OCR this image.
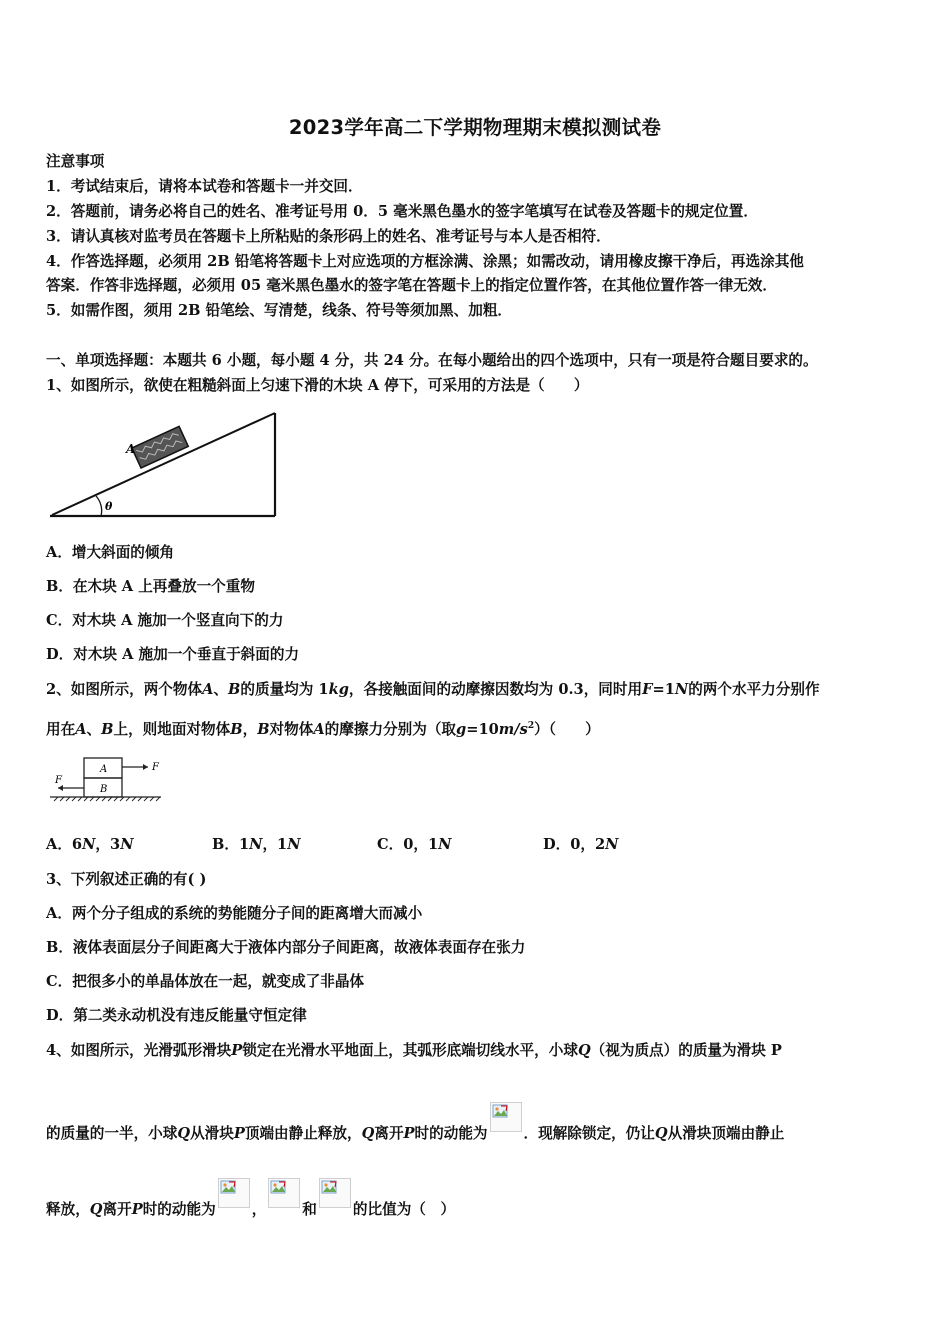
2023学年高二下学期物理期末模拟测试卷
注意事项
1．考试结束后，请将本试卷和答题卡一并交回．
2．答题前，请务必将自己的姓名、准考证号用 0．5 毫米黑色墨水的签字笔填写在试卷及答题卡的规定位置．
3．请认真核对监考员在答题卡上所粘贴的条形码上的姓名、准考证号与本人是否相符．
4．作答选择题，必须用 2B 铅笔将答题卡上对应选项的方框涂满、涂黑；如需改动，请用橡皮擦干净后，再选涂其他
答案．作答非选择题，必须用 05 毫米黑色墨水的签字笔在答题卡上的指定位置作答，在其他位置作答一律无效．
5．如需作图，须用 2B 铅笔绘、写清楚，线条、符号等须加黑、加粗．
一、单项选择题：本题共 6 小题，每小题 4 分，共 24 分。在每小题给出的四个选项中，只有一项是符合题目要求的。
1、如图所示，欲使在粗糙斜面上匀速下滑的木块 A 停下，可采用的方法是（　　）
A
θ
A．增大斜面的倾角
B．在木块 A 上再叠放一个重物
C．对木块 A 施加一个竖直向下的力
D．对木块 A 施加一个垂直于斜面的力
2、如图所示，两个物体A、B的质量均为 1kg，各接触面间的动摩擦因数均为 0.3，同时用F=1N的两个水平力分别作
用在A、B上，则地面对物体B，B对物体A的摩擦力分别为（取$g=10m/s^2$）（　　）
A
B
F
F
A．6N，3N	B．1N，1N	C．0，1N	D．0，2N
3、下列叙述正确的有( )
A．两个分子组成的系统的势能随分子间的距离增大而减小
B．液体表面层分子间距离大于液体内部分子间距离，故液体表面存在张力
C．把很多小的单晶体放在一起，就变成了非晶体
D．第二类永动机没有违反能量守恒定律
4、如图所示，光滑弧形滑块P锁定在光滑水平地面上，其弧形底端切线水平，小球Q（视为质点）的质量为滑块 P
的质量的一半，小球Q从滑块P顶端由静止释放，Q离开P时的动能为 ．现解除锁定，仍让Q从滑块顶端由静止
释放，Q离开P时的动能为 ， 和 的比值为（　）
